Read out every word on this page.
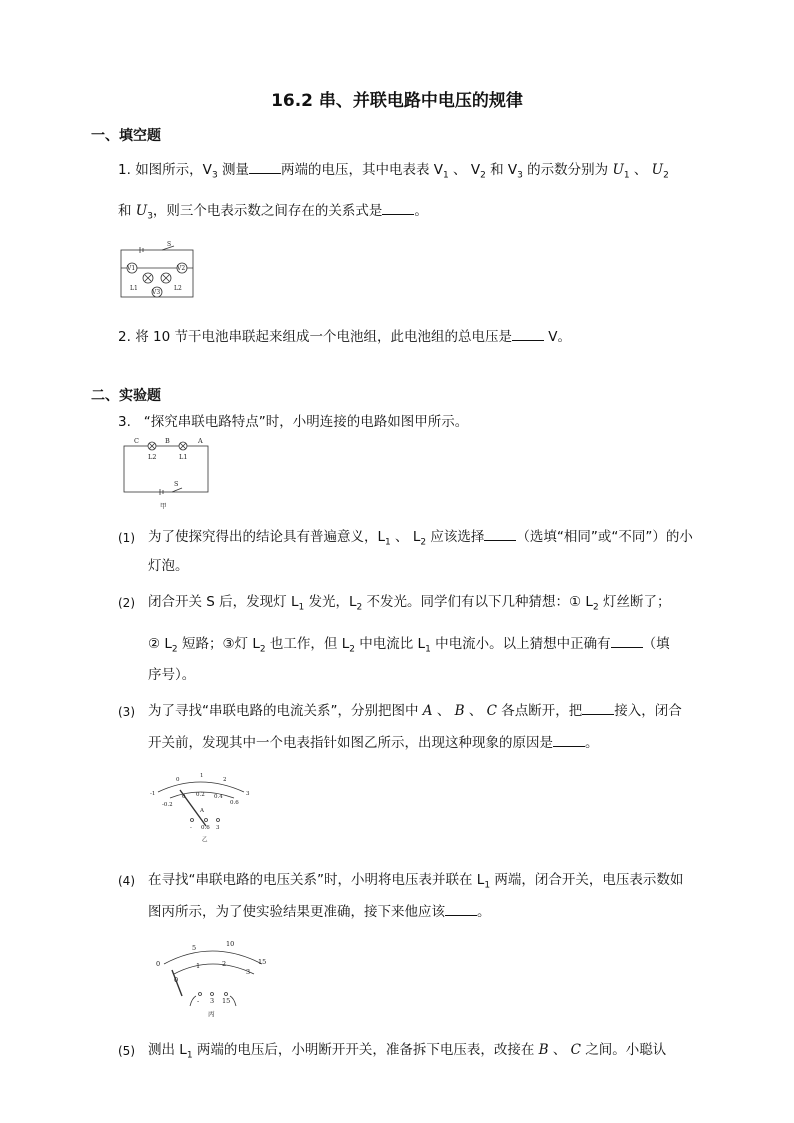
16.2 串、并联电路中电压的规律
一、填空题
1. 如图所示，$V_3$ 测量 两端的电压，其中电表表 $V_1$ 、 $V_2$ 和 $V_3$ 的示数分别为 $U_1$ 、 $U_2$
和 $U_3$，则三个电表示数之间存在的关系式是 。
S
V1	V2
V3
L1	L2
2. 将 10 节干电池串联起来组成一个电池组，此电池组的总电压是 V。
二、实验题
3. “探究串联电路特点”时，小明连接的电路如图甲所示。
C	B	A
L2	L1
S
甲
(1) 为了使探究得出的结论具有普遍意义，$L_1$ 、 $L_2$ 应该选择 （选填“相同”或“不同”）的小
灯泡。
(2) 闭合开关 S 后，发现灯 $L_1$ 发光，$L_2$ 不发光。同学们有以下几种猜想：① $L_2$ 灯丝断了；
② $L_2$ 短路；③灯 $L_2$ 也工作，但 $L_2$ 中电流比 $L_1$ 中电流小。以上猜想中正确有 （填
序号）。
(3) 为了寻找“串联电路的电流关系”，分别把图中 A 、 B 、 C 各点断开，把 接入，闭合
开关前，发现其中一个电表指针如图乙所示，出现这种现象的原因是 。
-1
0
1
2
3
-0.2
0 0.2 0.4
0.6
A
- 0.6 3
乙
(4) 在寻找“串联电路的电压关系”时，小明将电压表并联在 $L_1$ 两端，闭合开关，电压表示数如
图丙所示，为了使实验结果更准确，接下来他应该 。
0
5	10
15
0
1	2
3
- 3 15
丙
(5) 测出 $L_1$ 两端的电压后，小明断开开关，准备拆下电压表，改接在 B 、 C 之间。小聪认
